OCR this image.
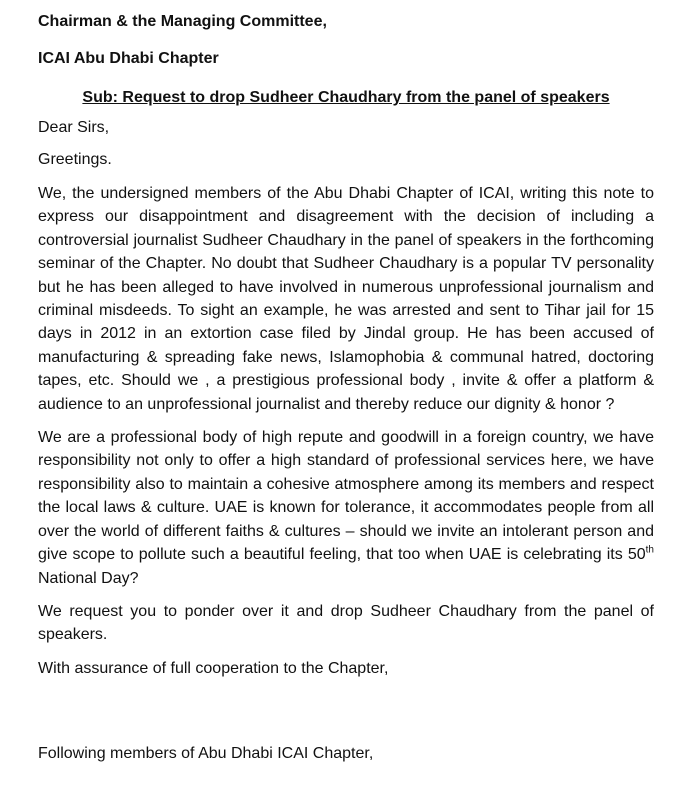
Chairman & the Managing Committee,

ICAI Abu Dhabi Chapter

Sub: Request to drop Sudheer Chaudhary from the panel of speakers

Dear Sirs,

Greetings.

We, the undersigned members of the Abu Dhabi Chapter of ICAI, writing this note to express our disappointment and disagreement with the decision of including a controversial journalist Sudheer Chaudhary in the panel of speakers in the forthcoming seminar of the Chapter. No doubt that Sudheer Chaudhary is a popular TV personality but he has been alleged to have involved in numerous unprofessional journalism and criminal misdeeds. To sight an example, he was arrested and sent to Tihar jail for 15 days in 2012 in an extortion case filed by Jindal group. He has been accused of manufacturing & spreading fake news, Islamophobia & communal hatred, doctoring tapes, etc. Should we , a prestigious professional body , invite & offer a platform & audience to an unprofessional journalist and thereby reduce our dignity & honor ?

We are a professional body of high repute and goodwill in a foreign country, we have responsibility not only to offer a high standard of professional services here, we have responsibility also to maintain a cohesive atmosphere among its members and respect the local laws & culture. UAE is known for tolerance, it accommodates people from all over the world of different faiths & cultures – should we invite an intolerant person and give scope to pollute such a beautiful feeling, that too when UAE is celebrating its 50th National Day?

We request you to ponder over it and drop Sudheer Chaudhary from the panel of speakers.

With assurance of full cooperation to the Chapter,

Following members of Abu Dhabi ICAI Chapter,
